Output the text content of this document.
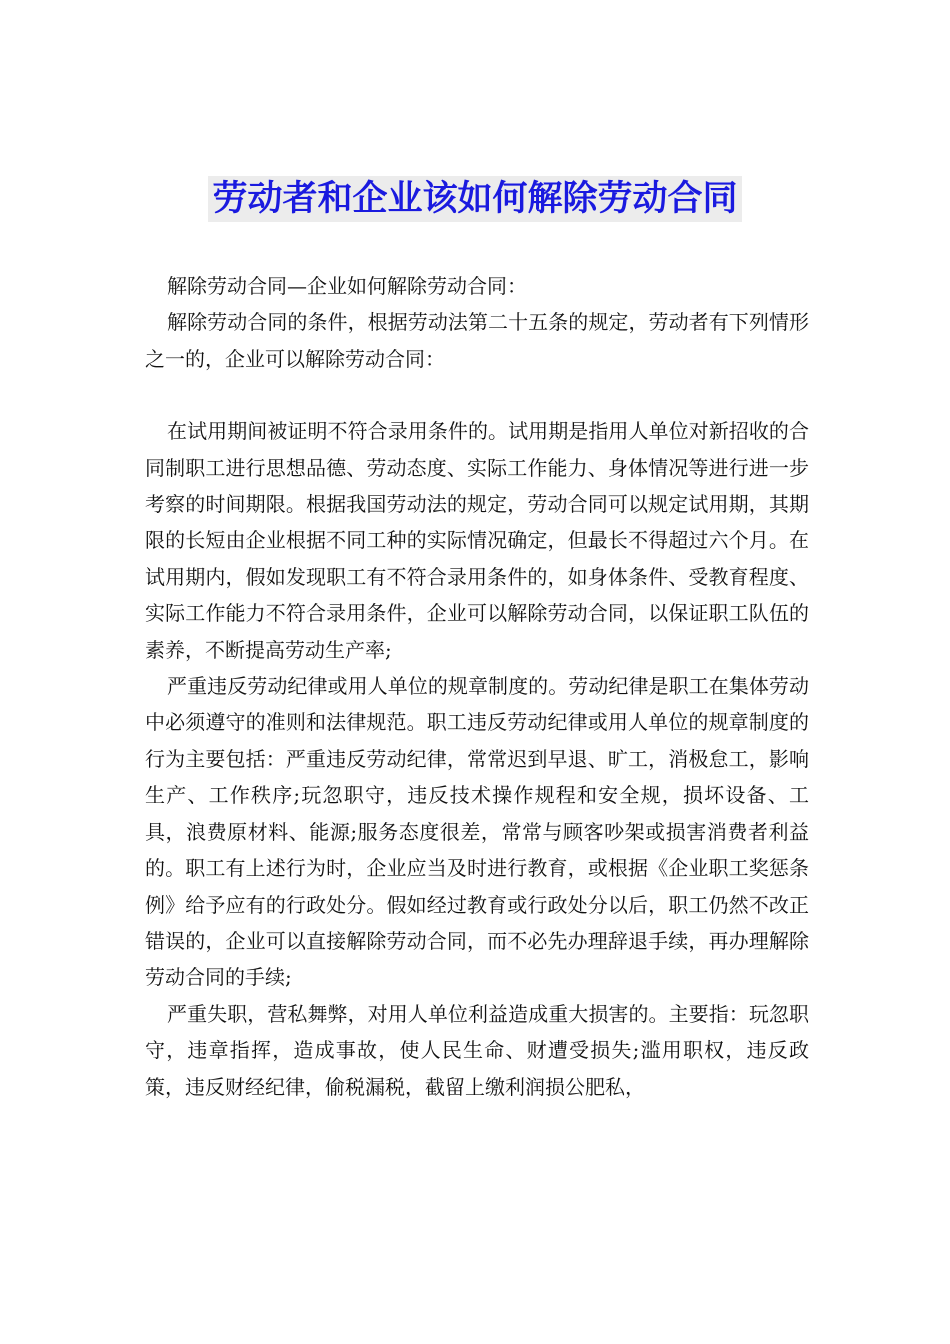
劳动者和企业该如何解除劳动合同

解除劳动合同—企业如何解除劳动合同：

解除劳动合同的条件，根据劳动法第二十五条的规定，劳动者有下列情形之一的，企业可以解除劳动合同：

在试用期间被证明不符合录用条件的。试用期是指用人单位对新招收的合同制职工进行思想品德、劳动态度、实际工作能力、身体情况等进行进一步考察的时间期限。根据我国劳动法的规定，劳动合同可以规定试用期，其期限的长短由企业根据不同工种的实际情况确定，但最长不得超过六个月。在试用期内，假如发现职工有不符合录用条件的，如身体条件、受教育程度、实际工作能力不符合录用条件，企业可以解除劳动合同，以保证职工队伍的素养，不断提高劳动生产率;

严重违反劳动纪律或用人单位的规章制度的。劳动纪律是职工在集体劳动中必须遵守的准则和法律规范。职工违反劳动纪律或用人单位的规章制度的行为主要包括：严重违反劳动纪律，常常迟到早退、旷工，消极怠工，影响生产、工作秩序;玩忽职守，违反技术操作规程和安全规，损坏设备、工具，浪费原材料、能源;服务态度很差，常常与顾客吵架或损害消费者利益的。职工有上述行为时，企业应当及时进行教育，或根据《企业职工奖惩条例》给予应有的行政处分。假如经过教育或行政处分以后，职工仍然不改正错误的，企业可以直接解除劳动合同，而不必先办理辞退手续，再办理解除劳动合同的手续;

严重失职，营私舞弊，对用人单位利益造成重大损害的。主要指：玩忽职守，违章指挥，造成事故，使人民生命、财遭受损失;滥用职权，违反政策，违反财经纪律，偷税漏税，截留上缴利润损公肥私，
